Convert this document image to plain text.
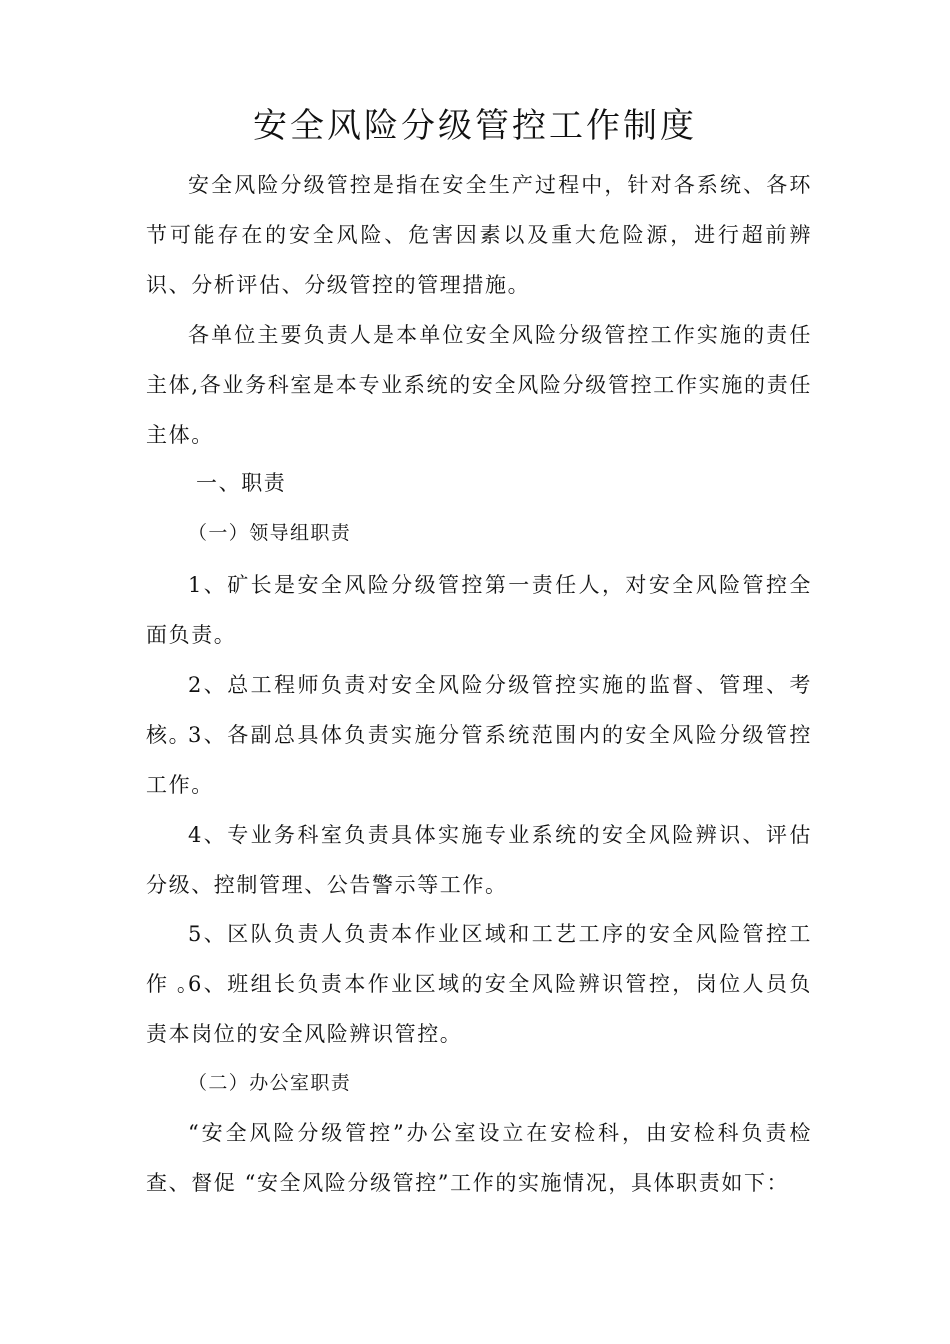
安全风险分级管控工作制度

安全风险分级管控是指在安全生产过程中，针对各系统、各环节可能存在的安全风险、危害因素以及重大危险源，进行超前辨识、分析评估、分级管控的管理措施。

各单位主要负责人是本单位安全风险分级管控工作实施的责任主体,各业务科室是本专业系统的安全风险分级管控工作实施的责任主体。

一、职责

（一）领导组职责

1、矿长是安全风险分级管控第一责任人，对安全风险管控全面负责。

2、总工程师负责对安全风险分级管控实施的监督、管理、考核。

3、各副总具体负责实施分管系统范围内的安全风险分级管控工作。

4、专业务科室负责具体实施专业系统的安全风险辨识、评估分级、控制管理、公告警示等工作。

5、区队负责人负责本作业区域和工艺工序的安全风险管控工作 。

6、班组长负责本作业区域的安全风险辨识管控，岗位人员负责本岗位的安全风险辨识管控。

（二）办公室职责

“安全风险分级管控”办公室设立在安检科，由安检科负责检查、督促 “安全风险分级管控”工作的实施情况，具体职责如下：
